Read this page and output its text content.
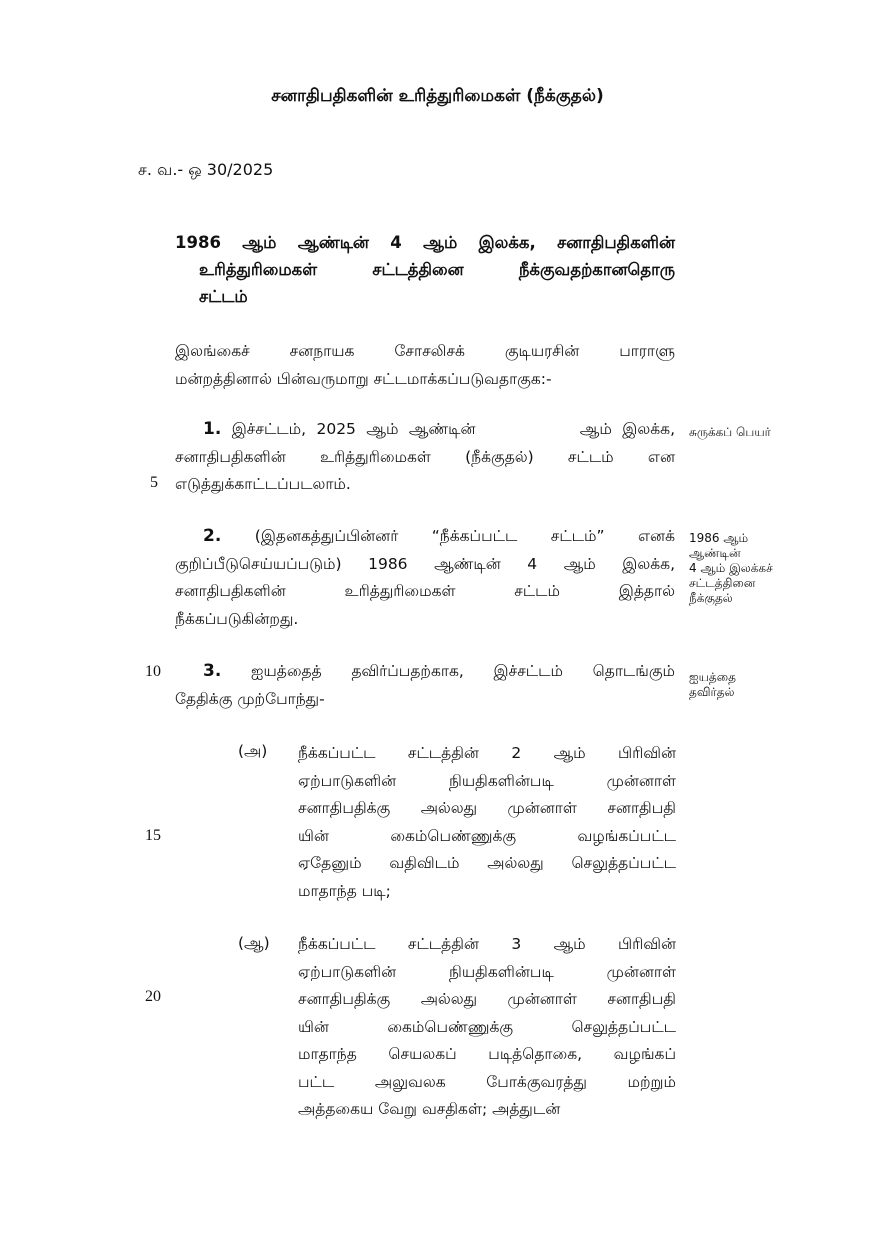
சனாதிபதிகளின் உரித்துரிமைகள் (நீக்குதல்)
ச. வ.- ஒ 30/2025
1986 ஆம் ஆண்டின் 4 ஆம் இலக்க, சனாதிபதிகளின்
உரித்துரிமைகள் சட்டத்தினை நீக்குவதற்கானதொரு
சட்டம்
இலங்கைச் சனநாயக சோசலிசக் குடியரசின் பாராளு
மன்றத்தினால் பின்வருமாறு சட்டமாக்கப்படுவதாகுக:-
1. இச்சட்டம், 2025 ஆம் ஆண்டின்          ஆம் இலக்க,
சனாதிபதிகளின் உரித்துரிமைகள் (நீக்குதல்) சட்டம் என
எடுத்துக்காட்டப்படலாம்.
சுருக்கப் பெயர்
2. (இதனகத்துப்பின்னர் “நீக்கப்பட்ட சட்டம்” எனக்
குறிப்பீடுசெய்யப்படும்) 1986 ஆண்டின் 4 ஆம் இலக்க,
சனாதிபதிகளின் உரித்துரிமைகள் சட்டம் இத்தால்
நீக்கப்படுகின்றது.
1986 ஆம்
ஆண்டின்
4 ஆம் இலக்கச்
சட்டத்தினை
நீக்குதல்
3. ஐயத்தைத் தவிர்ப்பதற்காக, இச்சட்டம் தொடங்கும்
தேதிக்கு முற்போந்து-
ஐயத்தை
தவிர்தல்
(அ) நீக்கப்பட்ட சட்டத்தின் 2 ஆம் பிரிவின்
ஏற்பாடுகளின் நியதிகளின்படி முன்னாள்
சனாதிபதிக்கு அல்லது முன்னாள் சனாதிபதி
யின் கைம்பெண்ணுக்கு வழங்கப்பட்ட
ஏதேனும் வதிவிடம் அல்லது செலுத்தப்பட்ட
மாதாந்த படி;
(ஆ) நீக்கப்பட்ட சட்டத்தின் 3 ஆம் பிரிவின்
ஏற்பாடுகளின் நியதிகளின்படி முன்னாள்
சனாதிபதிக்கு அல்லது முன்னாள் சனாதிபதி
யின் கைம்பெண்ணுக்கு செலுத்தப்பட்ட
மாதாந்த செயலகப் படித்தொகை, வழங்கப்
பட்ட அலுவலக போக்குவரத்து மற்றும்
அத்தகைய வேறு வசதிகள்; அத்துடன்
5
10
15
20
